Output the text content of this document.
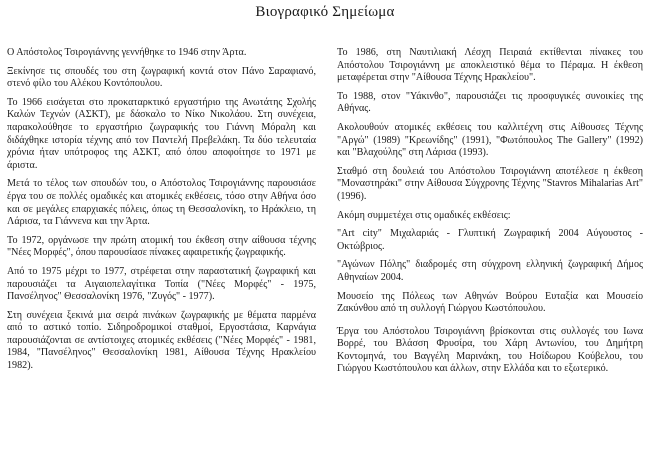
Βιογραφικό Σημείωμα

Ο Απόστολος Τσιρογιάννης γεννήθηκε το 1946 στην Άρτα.

Ξεκίνησε τις σπουδές του στη ζωγραφική κοντά στον Πάνο Σαραφιανό, στενό φίλο του Αλέκου Κοντόπουλου.

Το 1966 εισάγεται στο προκαταρκτικό εργαστήριο της Ανωτάτης Σχολής Καλών Τεχνών (ΑΣΚΤ), με δάσκαλο το Νίκο Νικολάου. Στη συνέχεια, παρακολούθησε το εργαστήριο ζωγραφικής του Γιάννη Μόραλη και διδάχθηκε ιστορία τέχνης από τον Παντελή Πρεβελάκη. Τα δύο τελευταία χρόνια ήταν υπότροφος της ΑΣΚΤ, από όπου αποφοίτησε το 1971 με άριστα.

Μετά το τέλος των σπουδών του, ο Απόστολος Τσιρογιάννης παρουσιάσε έργα του σε πολλές ομαδικές και ατομικές εκθέσεις, τόσο στην Αθήνα όσο και σε μεγάλες επαρχιακές πόλεις, όπως τη Θεσσαλονίκη, το Ηράκλειο, τη Λάρισα, τα Γιάννενα και την Άρτα.

Το 1972, οργάνωσε την πρώτη ατομική του έκθεση στην αίθουσα τέχνης "Νέες Μορφές", όπου παρουσίασε πίνακες αφαιρετικής ζωγραφικής.

Από το 1975 μέχρι το 1977, στρέφεται στην παραστατική ζωγραφική και παρουσιάζει τα Αιγαιοπελαγίτικα Τοπία ("Νέες Μορφές" - 1975, Πανσέληνος" Θεσσαλονίκη 1976, "Ζυγός" - 1977).

Στη συνέχεια ξεκινά μια σειρά πινάκων ζωγραφικής με θέματα παρμένα από το αστικό τοπίο. Σιδηροδρομικοί σταθμοί, Εργοστάσια, Καρνάγια παρουσιάζονται σε αντίστοιχες ατομικές εκθέσεις ("Νέες Μορφές" - 1981, 1984, "Πανσέληνος" Θεσσαλονίκη 1981, Αίθουσα Τέχνης Ηρακλείου 1982).

Το 1986, στη Ναυτιλιακή Λέσχη Πειραιά εκτίθενται πίνακες του Απόστολου Τσιρογιάννη με αποκλειστικό θέμα το Πέραμα. Η έκθεση μεταφέρεται στην "Αίθουσα Τέχνης Ηρακλείου".

Το 1988, στον "Υάκινθο", παρουσιάζει τις προσφυγικές συνοικίες της Αθήνας.

Ακολουθούν ατομικές εκθέσεις του καλλιτέχνη στις Αίθουσες Τέχνης "Αργώ" (1989) "Κρεωνίδης" (1991), "Φωτόπουλος The Gallery" (1992) και "Βλαχούλης" στη Λάρισα (1993).

Σταθμό στη δουλειά του Απόστολου Τσιρογιάννη αποτέλεσε η έκθεση "Μοναστηράκι" στην Αίθουσα Σύγχρονης Τέχνης "Stavros Mihalarias Art" (1996).

Ακόμη συμμετέχει στις ομαδικές εκθέσεις:

"Art city" Μιχαλαριάς - Γλυπτική Ζωγραφική 2004 Αύγουστος - Οκτώβριος.

"Αγώνων Πόλης" διαδρομές στη σύγχρονη ελληνική ζωγραφική Δήμος Αθηναίων 2004.

Μουσείο της Πόλεως των Αθηνών Βούρου Ευταξία και Μουσείο Ζακύνθου από τη συλλογή Γιώργου Κωστόπουλου.

Έργα του Απόστολου Τσιρογιάννη βρίσκονται στις συλλογές του Ιωνα Βορρέ, του Βλάσση Φρυσίρα, του Χάρη Αντωνίου, του Δημήτρη Κοντομηνά, του Βαγγέλη Μαρινάκη, του Ησίδωρου Κούβελου, του Γιώργου Κωστόπουλου και άλλων, στην Ελλάδα και το εξωτερικό.
